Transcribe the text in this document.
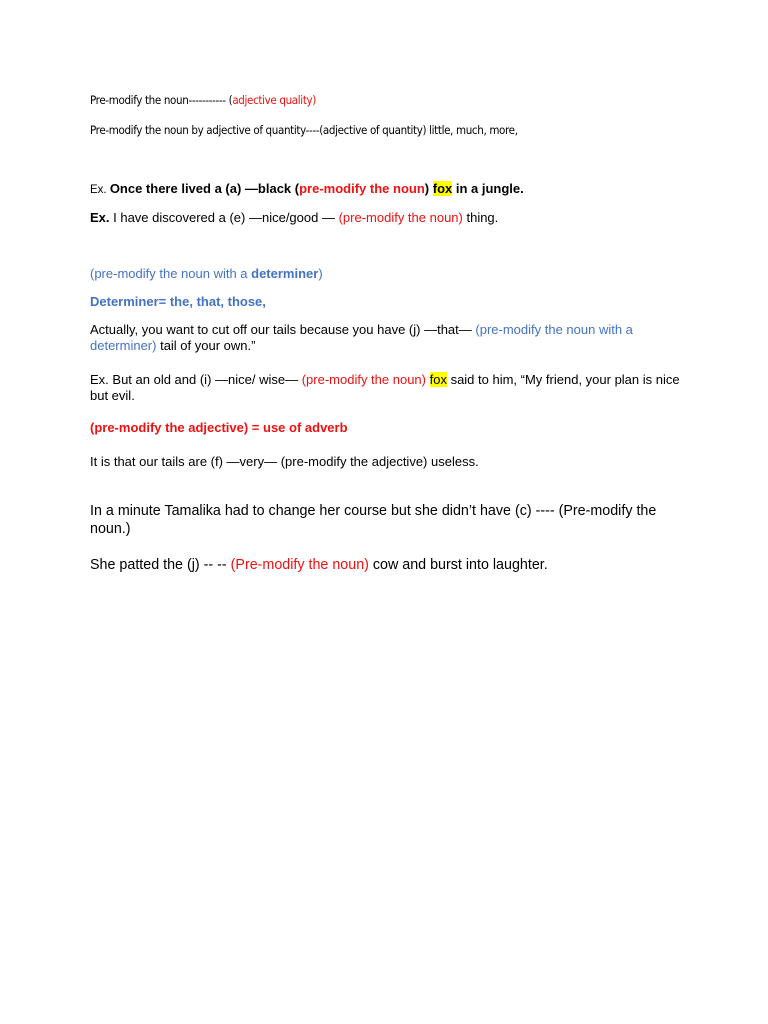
Pre-modify the noun----------- (adjective quality)

Pre-modify the noun by adjective of quantity----(adjective of quantity) little, much, more,

Ex. Once there lived a (a) —black (pre-modify the noun) fox in a jungle.

Ex. I have discovered a (e) —nice/good — (pre-modify the noun) thing.

(pre-modify the noun with a determiner)

Determiner= the, that, those,

Actually, you want to cut off our tails because you have (j) —that— (pre-modify the noun with a determiner) tail of your own.”

Ex. But an old and (i) —nice/ wise— (pre-modify the noun) fox said to him, “My friend, your plan is nice but evil.

(pre-modify the adjective) = use of adverb

It is that our tails are (f) —very— (pre-modify the adjective) useless.

In a minute Tamalika had to change her course but she didn’t have (c) ---- (Pre-modify the noun.)

She patted the (j) -- -- (Pre-modify the noun) cow and burst into laughter.
